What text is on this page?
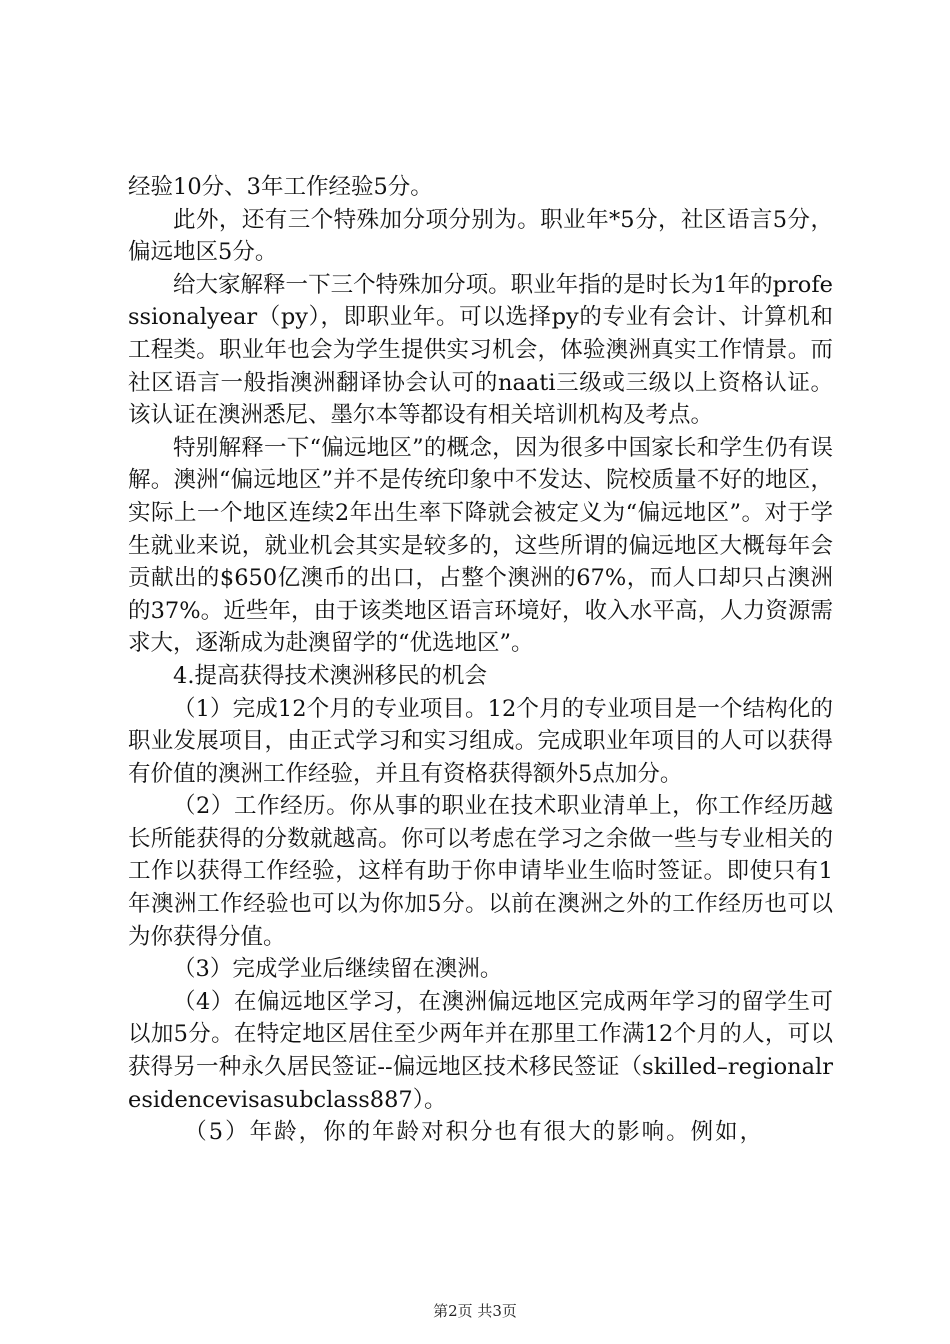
经验10分、3年工作经验5分。

此外，还有三个特殊加分项分别为。职业年*5分，社区语言5分，偏远地区5分。

给大家解释一下三个特殊加分项。职业年指的是时长为1年的professionalyear（py），即职业年。可以选择py的专业有会计、计算机和工程类。职业年也会为学生提供实习机会，体验澳洲真实工作情景。而社区语言一般指澳洲翻译协会认可的naati三级或三级以上资格认证。该认证在澳洲悉尼、墨尔本等都设有相关培训机构及考点。

特别解释一下“偏远地区”的概念，因为很多中国家长和学生仍有误解。澳洲“偏远地区”并不是传统印象中不发达、院校质量不好的地区，实际上一个地区连续2年出生率下降就会被定义为“偏远地区”。对于学生就业来说，就业机会其实是较多的，这些所谓的偏远地区大概每年会贡献出的$650亿澳币的出口，占整个澳洲的67%，而人口却只占澳洲的37%。近些年，由于该类地区语言环境好，收入水平高，人力资源需求大，逐渐成为赴澳留学的“优选地区”。

4.提高获得技术澳洲移民的机会

（1）完成12个月的专业项目。12个月的专业项目是一个结构化的职业发展项目，由正式学习和实习组成。完成职业年项目的人可以获得有价值的澳洲工作经验，并且有资格获得额外5点加分。

（2）工作经历。你从事的职业在技术职业清单上，你工作经历越长所能获得的分数就越高。你可以考虑在学习之余做一些与专业相关的工作以获得工作经验，这样有助于你申请毕业生临时签证。即使只有1年澳洲工作经验也可以为你加5分。以前在澳洲之外的工作经历也可以为你获得分值。

（3）完成学业后继续留在澳洲。

（4）在偏远地区学习，在澳洲偏远地区完成两年学习的留学生可以加5分。在特定地区居住至少两年并在那里工作满12个月的人，可以获得另一种永久居民签证--偏远地区技术移民签证（skilled–regionalresidencevisasubclass887）。

（5）年龄，你的年龄对积分也有很大的影响。例如，

第2页 共3页
